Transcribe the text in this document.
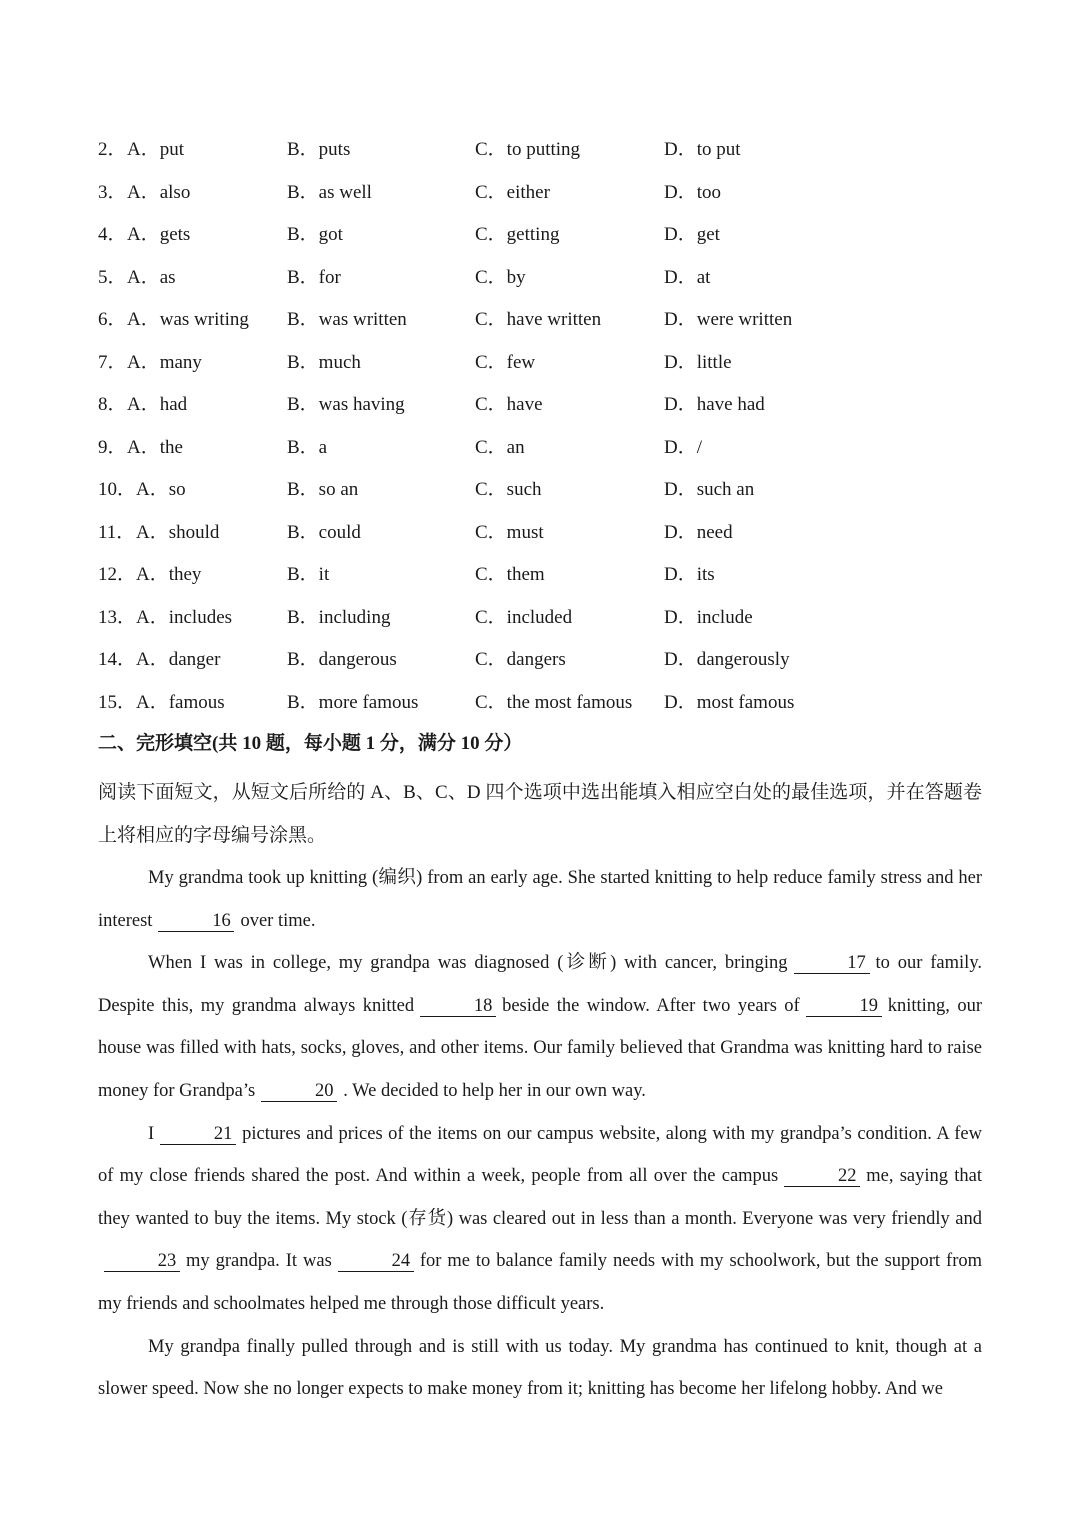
2． A．put	B．puts	C．to putting	D．to put
3． A．also	B．as well	C．either	D．too
4． A．gets	B．got	C．getting	D．get
5． A．as	B．for	C．by	D．at
6． A．was writing B．was written	C．have written	D．were written
7． A．many	B．much	C．few	D．little
8． A．had	B．was having	C．have	D．have had
9． A．the	B．a	C．an	D．/
10． A．so	B．so an	C．such	D．such an
11． A．should	B．could	C．must	D．need
12． A．they	B．it	C．them	D．its
13． A．includes	B．including	C．included	D．include
14． A．danger	B．dangerous	C．dangers	D．dangerously
15． A．famous	B．more famous	C．the most famous D．most famous
二、完形填空(共 10 题，每小题 1 分，满分 10 分）
阅读下面短文，从短文后所给的 A、B、C、D 四个选项中选出能填入相应空白处的最佳选项，并在答题卷上将相应的字母编号涂黑。

My grandma took up knitting (编织) from an early age. She started knitting to help reduce family stress and her interest	16 over time.

When I was in college, my grandpa was diagnosed (诊断) with cancer, bringing	17 to our family. Despite this, my grandma always knitted	18 beside the window. After two years of	19 knitting, our house was filled with hats, socks, gloves, and other items. Our family believed that Grandma was knitting hard to raise money for Grandpa’s	20 . We decided to help her in our own way.

I	21 pictures and prices of the items on our campus website, along with my grandpa’s condition. A few of my close friends shared the post. And within a week, people from all over the campus	22 me, saying that they wanted to buy the items. My stock (存货) was cleared out in less than a month. Everyone was very friendly and23 my grandpa. It was	24 for me to balance family needs with my schoolwork, but the support from my friends and schoolmates helped me through those difficult years.

My grandpa finally pulled through and is still with us today. My grandma has continued to knit, though at a slower speed. Now she no longer expects to make money from it; knitting has become her lifelong hobby. And we
